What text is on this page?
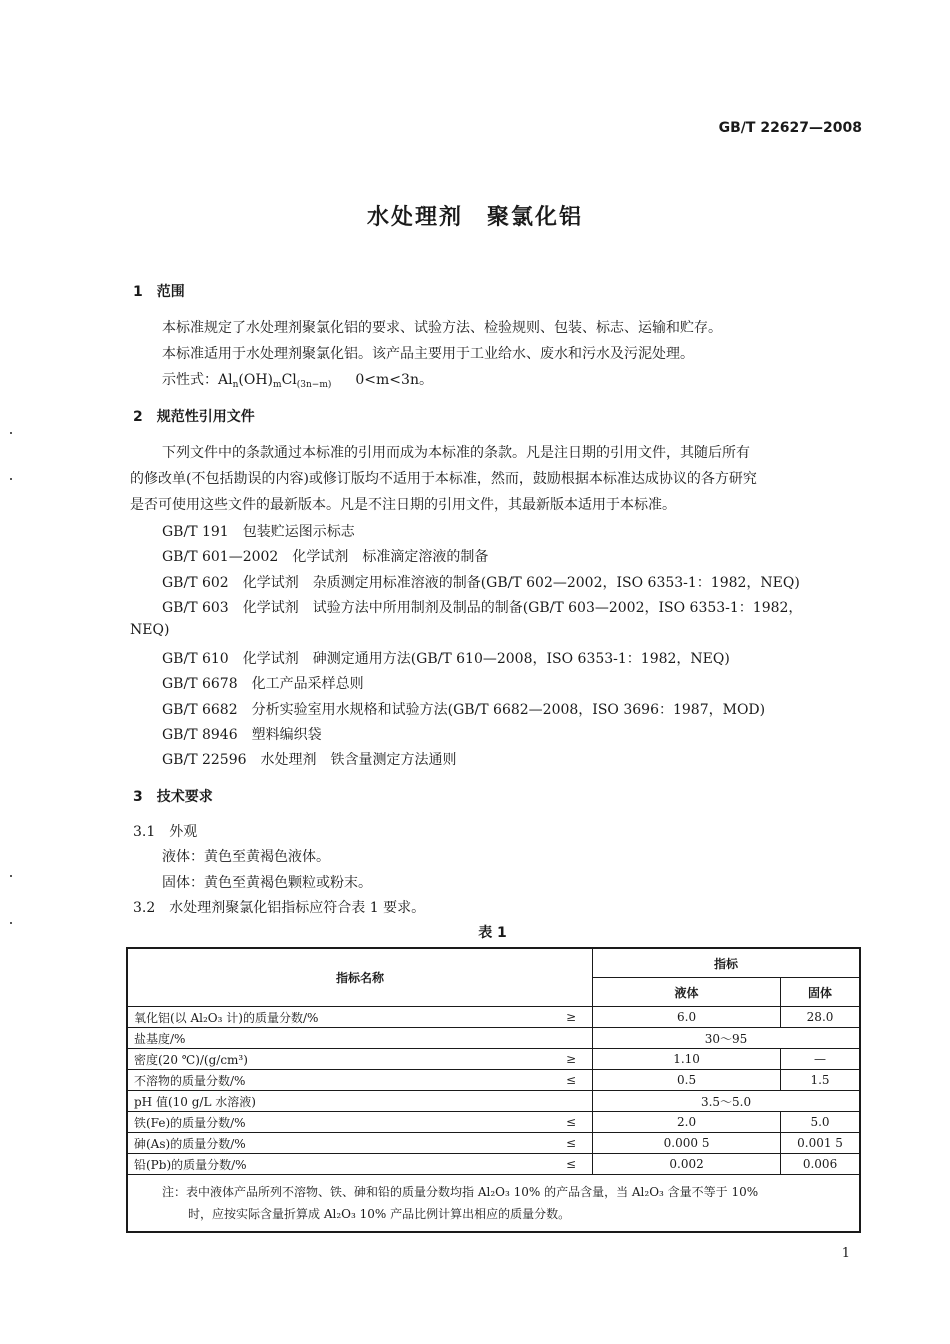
GB/T 22627—2008
水处理剂　聚氯化铝
1　范围
本标准规定了水处理剂聚氯化铝的要求、试验方法、检验规则、包装、标志、运输和贮存。
本标准适用于水处理剂聚氯化铝。该产品主要用于工业给水、废水和污水及污泥处理。
示性式：$Al_n(OH)_mCl_{(3n-m)}$ 0<m<3n。
2　规范性引用文件
下列文件中的条款通过本标准的引用而成为本标准的条款。凡是注日期的引用文件，其随后所有
的修改单(不包括勘误的内容)或修订版均不适用于本标准，然而，鼓励根据本标准达成协议的各方研究
是否可使用这些文件的最新版本。凡是不注日期的引用文件，其最新版本适用于本标准。
GB/T 191　包装贮运图示标志
GB/T 601—2002　化学试剂　标准滴定溶液的制备
GB/T 602　化学试剂　杂质测定用标准溶液的制备(GB/T 602—2002，ISO 6353-1：1982，NEQ)
GB/T 603　化学试剂　试验方法中所用制剂及制品的制备(GB/T 603—2002，ISO 6353-1：1982，
NEQ)
GB/T 610　化学试剂　砷测定通用方法(GB/T 610—2008，ISO 6353-1：1982，NEQ)
GB/T 6678　化工产品采样总则
GB/T 6682　分析实验室用水规格和试验方法(GB/T 6682—2008，ISO 3696：1987，MOD)
GB/T 8946　塑料编织袋
GB/T 22596　水处理剂　铁含量测定方法通则
3　技术要求
3.1　外观
液体：黄色至黄褐色液体。
固体：黄色至黄褐色颗粒或粉末。
3.2　水处理剂聚氯化铝指标应符合表 1 要求。
表 1
指标名称		指标	
		液体	固体
氧化铝(以 Al₂O₃ 计)的质量分数/%	≥	6.0	28.0
盐基度/%		30～95	
密度(20 ℃)/(g/cm³)	≥	1.10	—
不溶物的质量分数/%	≤	0.5	1.5
pH 值(10 g/L 水溶液)		3.5～5.0	
铁(Fe)的质量分数/%	≤	2.0	5.0
砷(As)的质量分数/%	≤	0.000 5	0.001 5
铅(Pb)的质量分数/%	≤	0.002	0.006

注：表中液体产品所列不溶物、铁、砷和铅的质量分数均指 Al₂O₃ 10% 的产品含量，当 Al₂O₃ 含量不等于 10%
时，应按实际含量折算成 Al₂O₃ 10% 产品比例计算出相应的质量分数。			
1
